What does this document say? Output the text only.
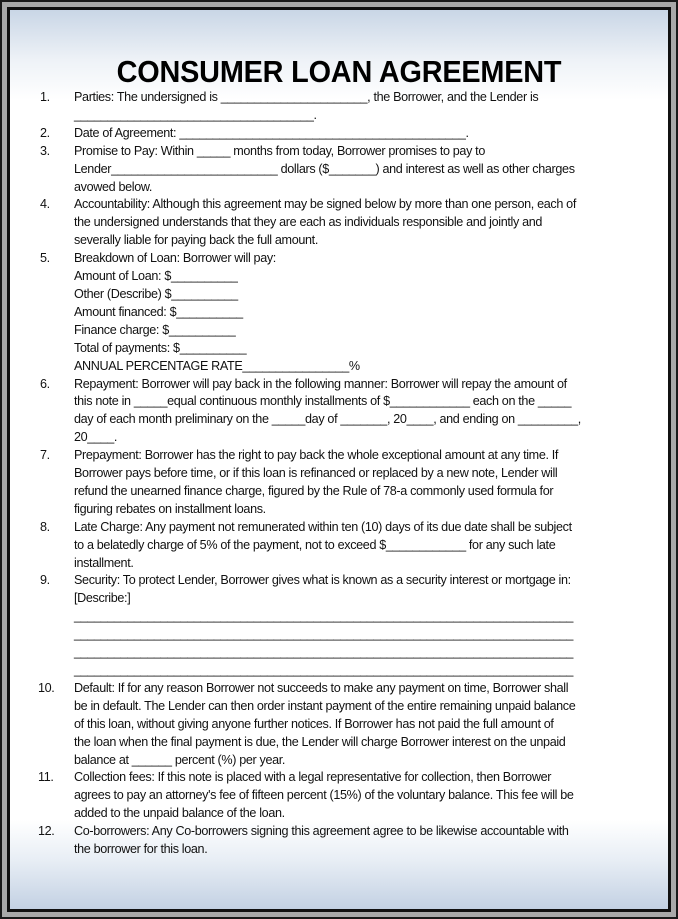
CONSUMER LOAN AGREEMENT
1. Parties: The undersigned is ______________________, the Borrower, and the Lender is
____________________________________.
2. Date of Agreement: ___________________________________________.
3. Promise to Pay: Within _____ months from today, Borrower promises to pay to
Lender_________________________ dollars ($_______) and interest as well as other charges
avowed below.
4. Accountability: Although this agreement may be signed below by more than one person, each of
the undersigned understands that they are each as individuals responsible and jointly and
severally liable for paying back the full amount.
5. Breakdown of Loan: Borrower will pay:
Amount of Loan: $__________
Other (Describe) $__________
Amount financed: $__________
Finance charge: $__________
Total of payments: $__________
ANNUAL PERCENTAGE RATE________________%
6. Repayment: Borrower will pay back in the following manner: Borrower will repay the amount of
this note in _____equal continuous monthly installments of $____________ each on the _____
day of each month preliminary on the _____day of _______, 20____, and ending on _________,
20____.
7. Prepayment: Borrower has the right to pay back the whole exceptional amount at any time. If
Borrower pays before time, or if this loan is refinanced or replaced by a new note, Lender will
refund the unearned finance charge, figured by the Rule of 78-a commonly used formula for
figuring rebates on installment loans.
8. Late Charge: Any payment not remunerated within ten (10) days of its due date shall be subject
to a belatedly charge of 5% of the payment, not to exceed $____________ for any such late
installment.
9. Security: To protect Lender, Borrower gives what is known as a security interest or mortgage in:
[Describe:]
___________________________________________________________________________
___________________________________________________________________________
___________________________________________________________________________
___________________________________________________________________________
10. Default: If for any reason Borrower not succeeds to make any payment on time, Borrower shall
be in default. The Lender can then order instant payment of the entire remaining unpaid balance
of this loan, without giving anyone further notices. If Borrower has not paid the full amount of
the loan when the final payment is due, the Lender will charge Borrower interest on the unpaid
balance at ______ percent (%) per year.
11. Collection fees: If this note is placed with a legal representative for collection, then Borrower
agrees to pay an attorney's fee of fifteen percent (15%) of the voluntary balance. This fee will be
added to the unpaid balance of the loan.
12. Co-borrowers: Any Co-borrowers signing this agreement agree to be likewise accountable with
the borrower for this loan.
